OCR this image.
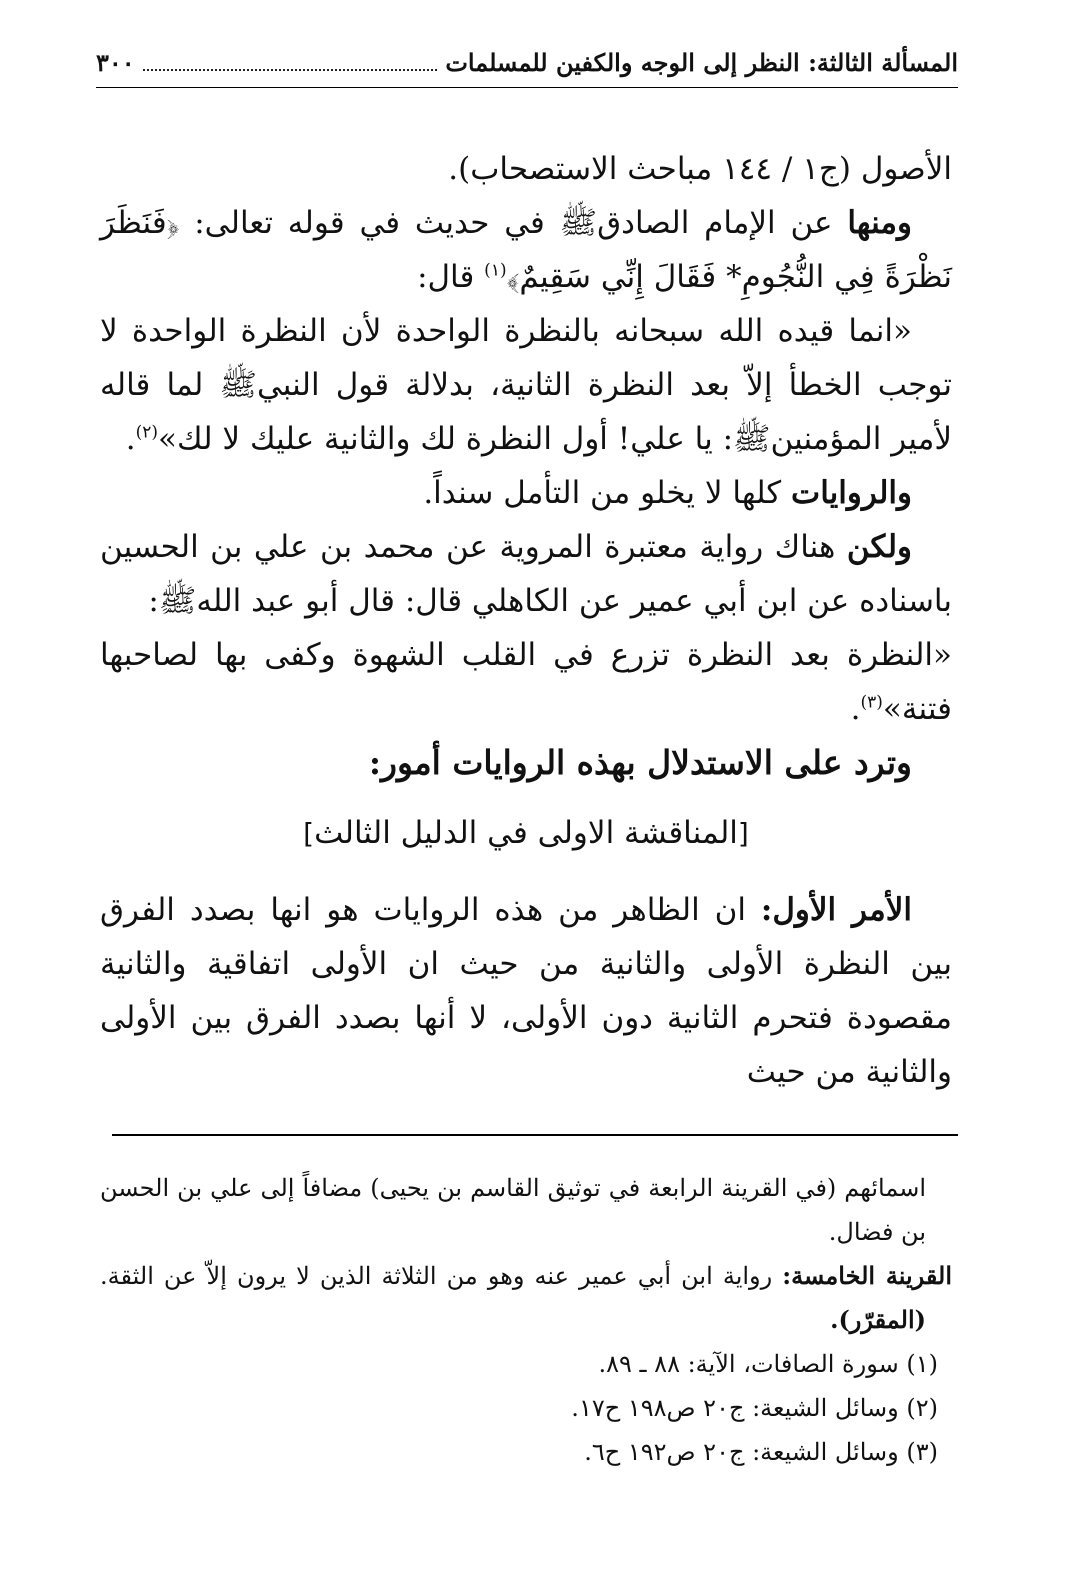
المسألة الثالثة: النظر إلى الوجه والكفين للمسلمات
٣٠٠

الأصول (ج١ / ١٤٤ مباحث الاستصحاب).

ومنها عن الإمام الصادقﷺ في حديث في قوله تعالى: ﴿فَنَظَرَ نَظْرَةً فِي النُّجُومِ* فَقَالَ إِنِّي سَقِيمٌ﴾$^{(١)}$ قال:

«انما قيده الله سبحانه بالنظرة الواحدة لأن النظرة الواحدة لا توجب الخطأ إلاّ بعد النظرة الثانية، بدلالة قول النبيﷺ لما قاله لأمير المؤمنينﷺ: يا علي! أول النظرة لك والثانية عليك لا لك»$^{(٢)}$.

والروايات كلها لا يخلو من التأمل سنداً.

ولكن هناك رواية معتبرة المروية عن محمد بن علي بن الحسين باسناده عن ابن أبي عمير عن الكاهلي قال: قال أبو عبد اللهﷺ:

«النظرة بعد النظرة تزرع في القلب الشهوة وكفى بها لصاحبها فتنة»$^{(٣)}$.

وترد على الاستدلال بهذه الروايات أمور:

[المناقشة الاولى في الدليل الثالث]

الأمر الأول: ان الظاهر من هذه الروايات هو انها بصدد الفرق بين النظرة الأولى والثانية من حيث ان الأولى اتفاقية والثانية مقصودة فتحرم الثانية دون الأولى، لا أنها بصدد الفرق بين الأولى والثانية من حيث

اسمائهم (في القرينة الرابعة في توثيق القاسم بن يحيى) مضافاً إلى علي بن الحسن بن فضال.

القرينة الخامسة: رواية ابن أبي عمير عنه وهو من الثلاثة الذين لا يرون إلاّ عن الثقة. (المقرّر).

(١) سورة الصافات، الآية: ٨٨ ـ ٨٩.

(٢) وسائل الشيعة: ج٢٠ ص١٩٨ ح١٧.

(٣) وسائل الشيعة: ج٢٠ ص١٩٢ ح٦.
